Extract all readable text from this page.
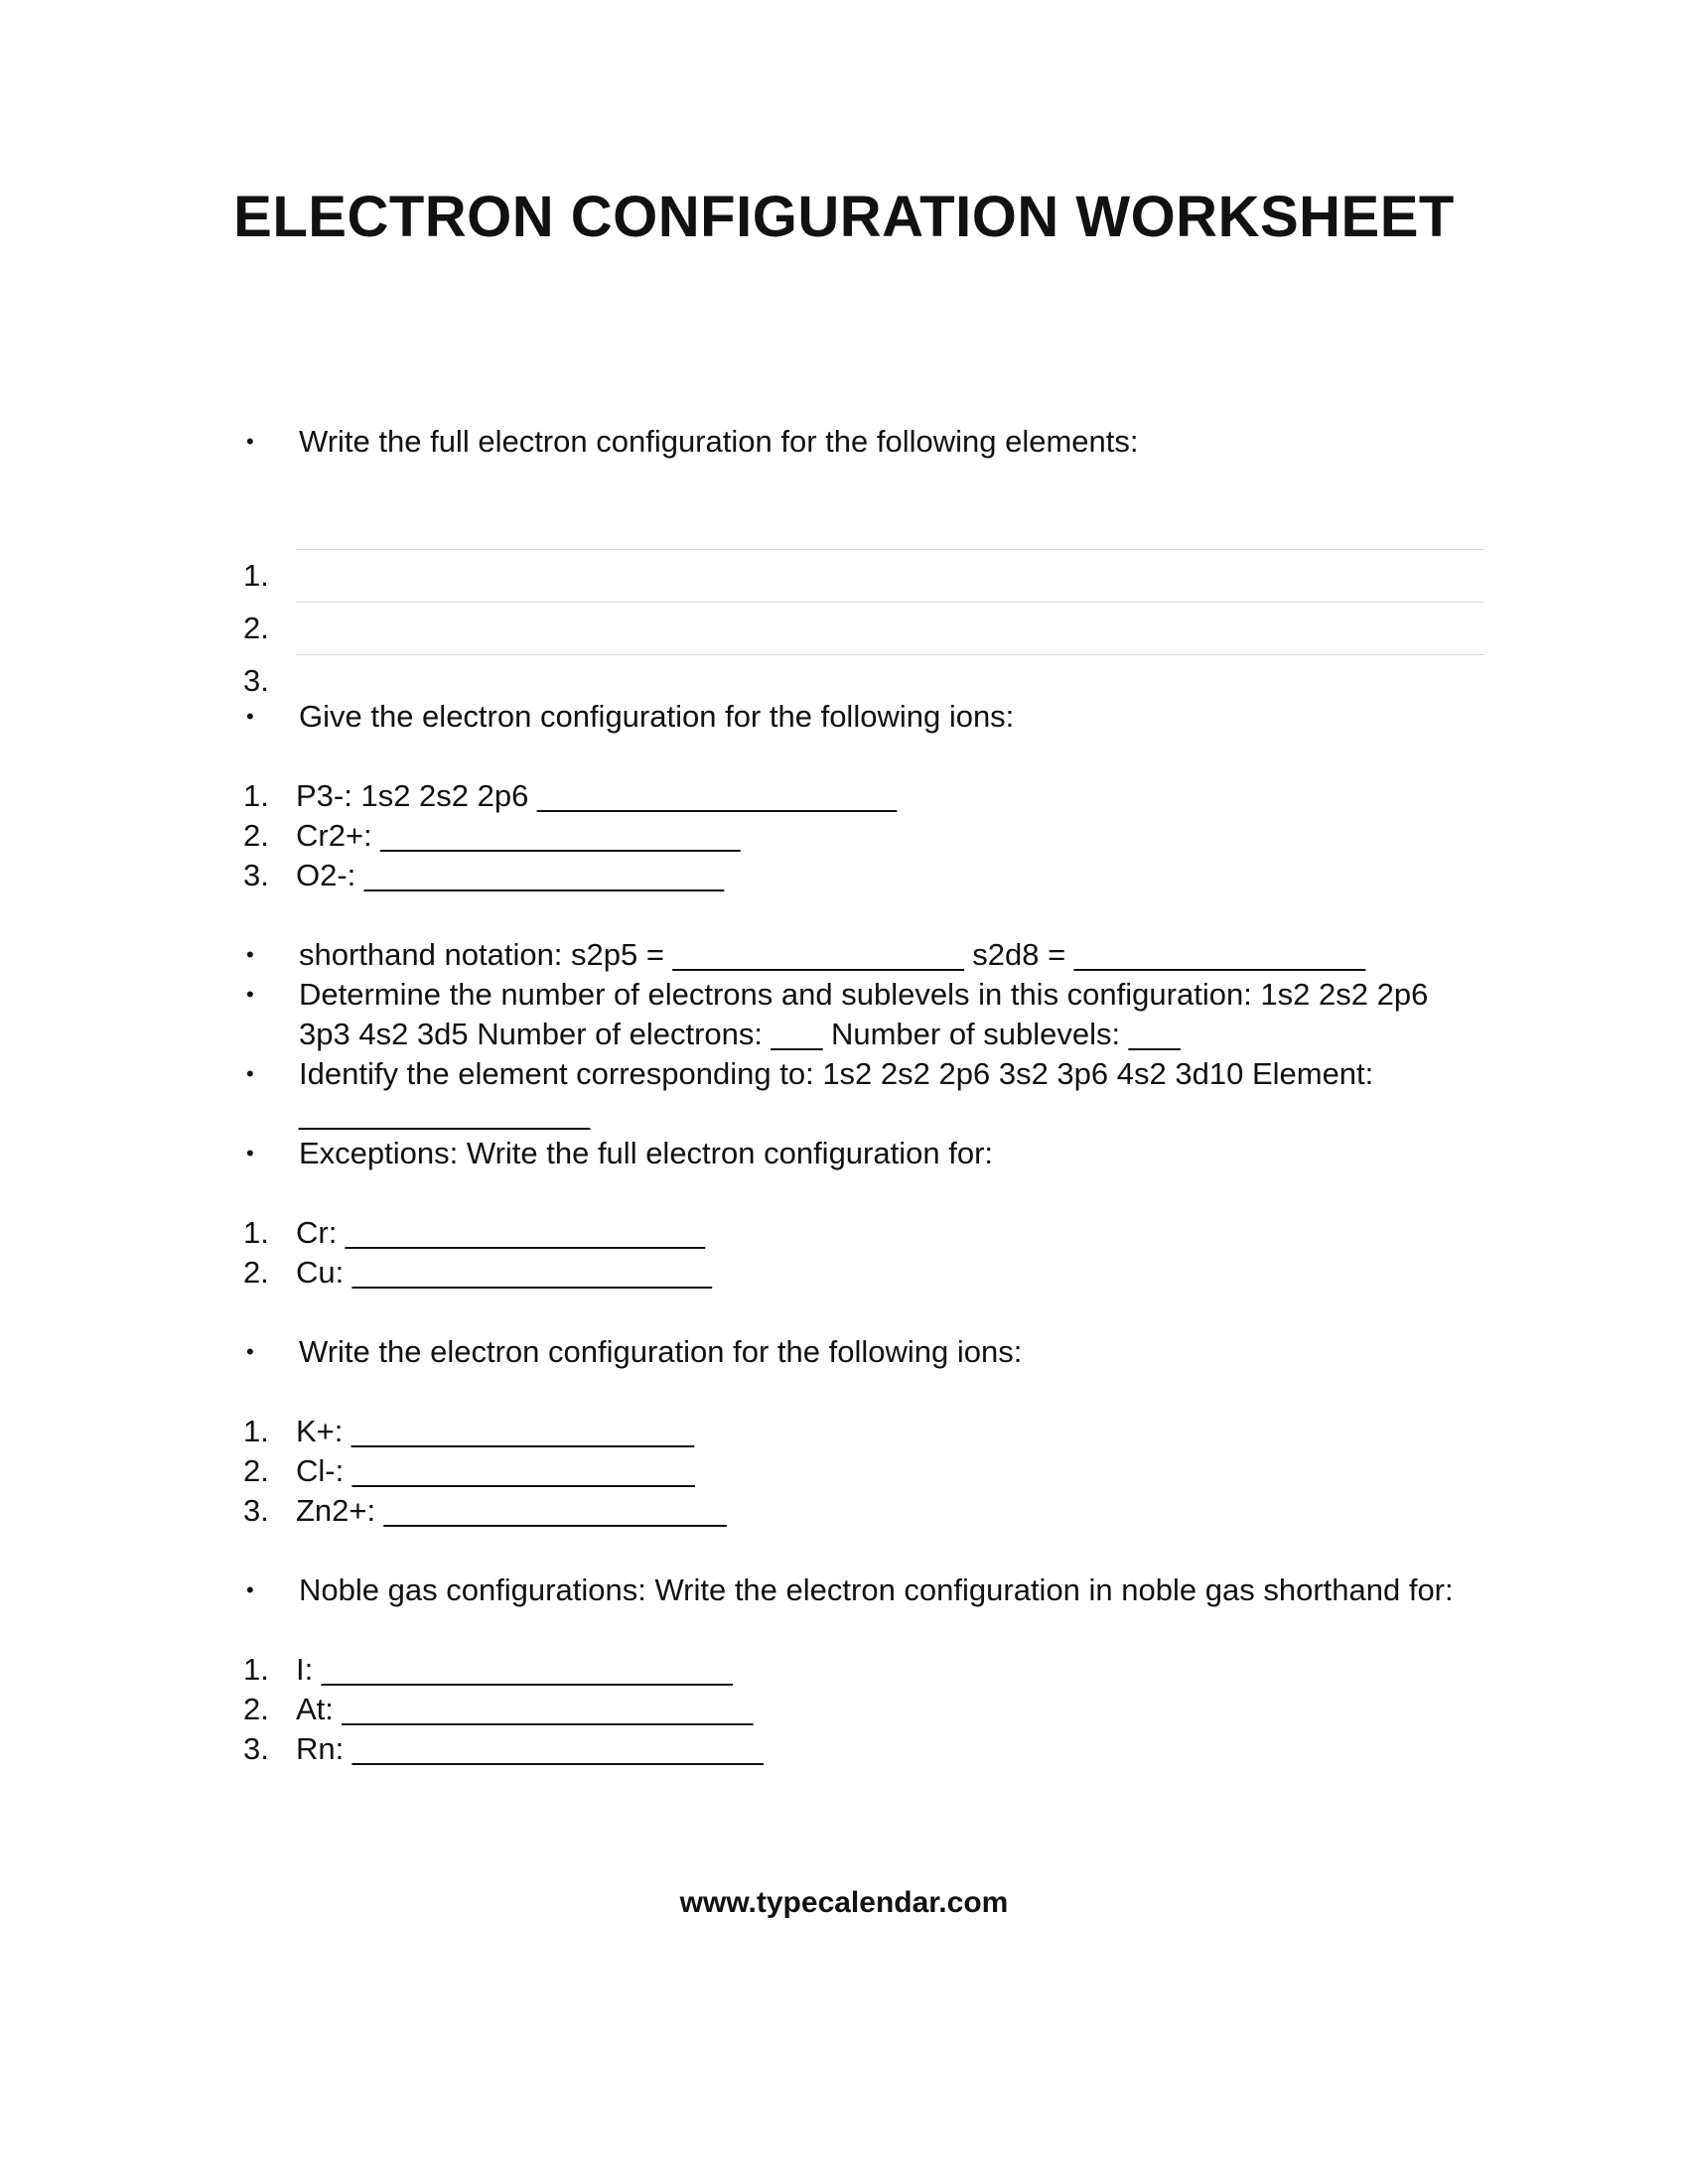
ELECTRON CONFIGURATION WORKSHEET
•	Write the full electron configuration for the following elements:
1.
2.
3.
•	Give the electron configuration for the following ions:
1. P3-: 1s2 2s2 2p6 _____________________
2. Cr2+: _____________________
3. O2-: _____________________
•	shorthand notation: s2p5 = _________________ s2d8 = _________________
•	Determine the number of electrons and sublevels in this configuration: 1s2 2s2 2p6 3p3 4s2 3d5 Number of electrons: ___ Number of sublevels: ___
•	Identify the element corresponding to: 1s2 2s2 2p6 3s2 3p6 4s2 3d10 Element: _________________
•	Exceptions: Write the full electron configuration for:
1. Cr: _____________________
2. Cu: _____________________
•	Write the electron configuration for the following ions:
1. K+: ____________________
2. Cl-: ____________________
3. Zn2+: ____________________
•	Noble gas configurations: Write the electron configuration in noble gas shorthand for:
1. I: ________________________
2. At: ________________________
3. Rn: ________________________
www.typecalendar.com
